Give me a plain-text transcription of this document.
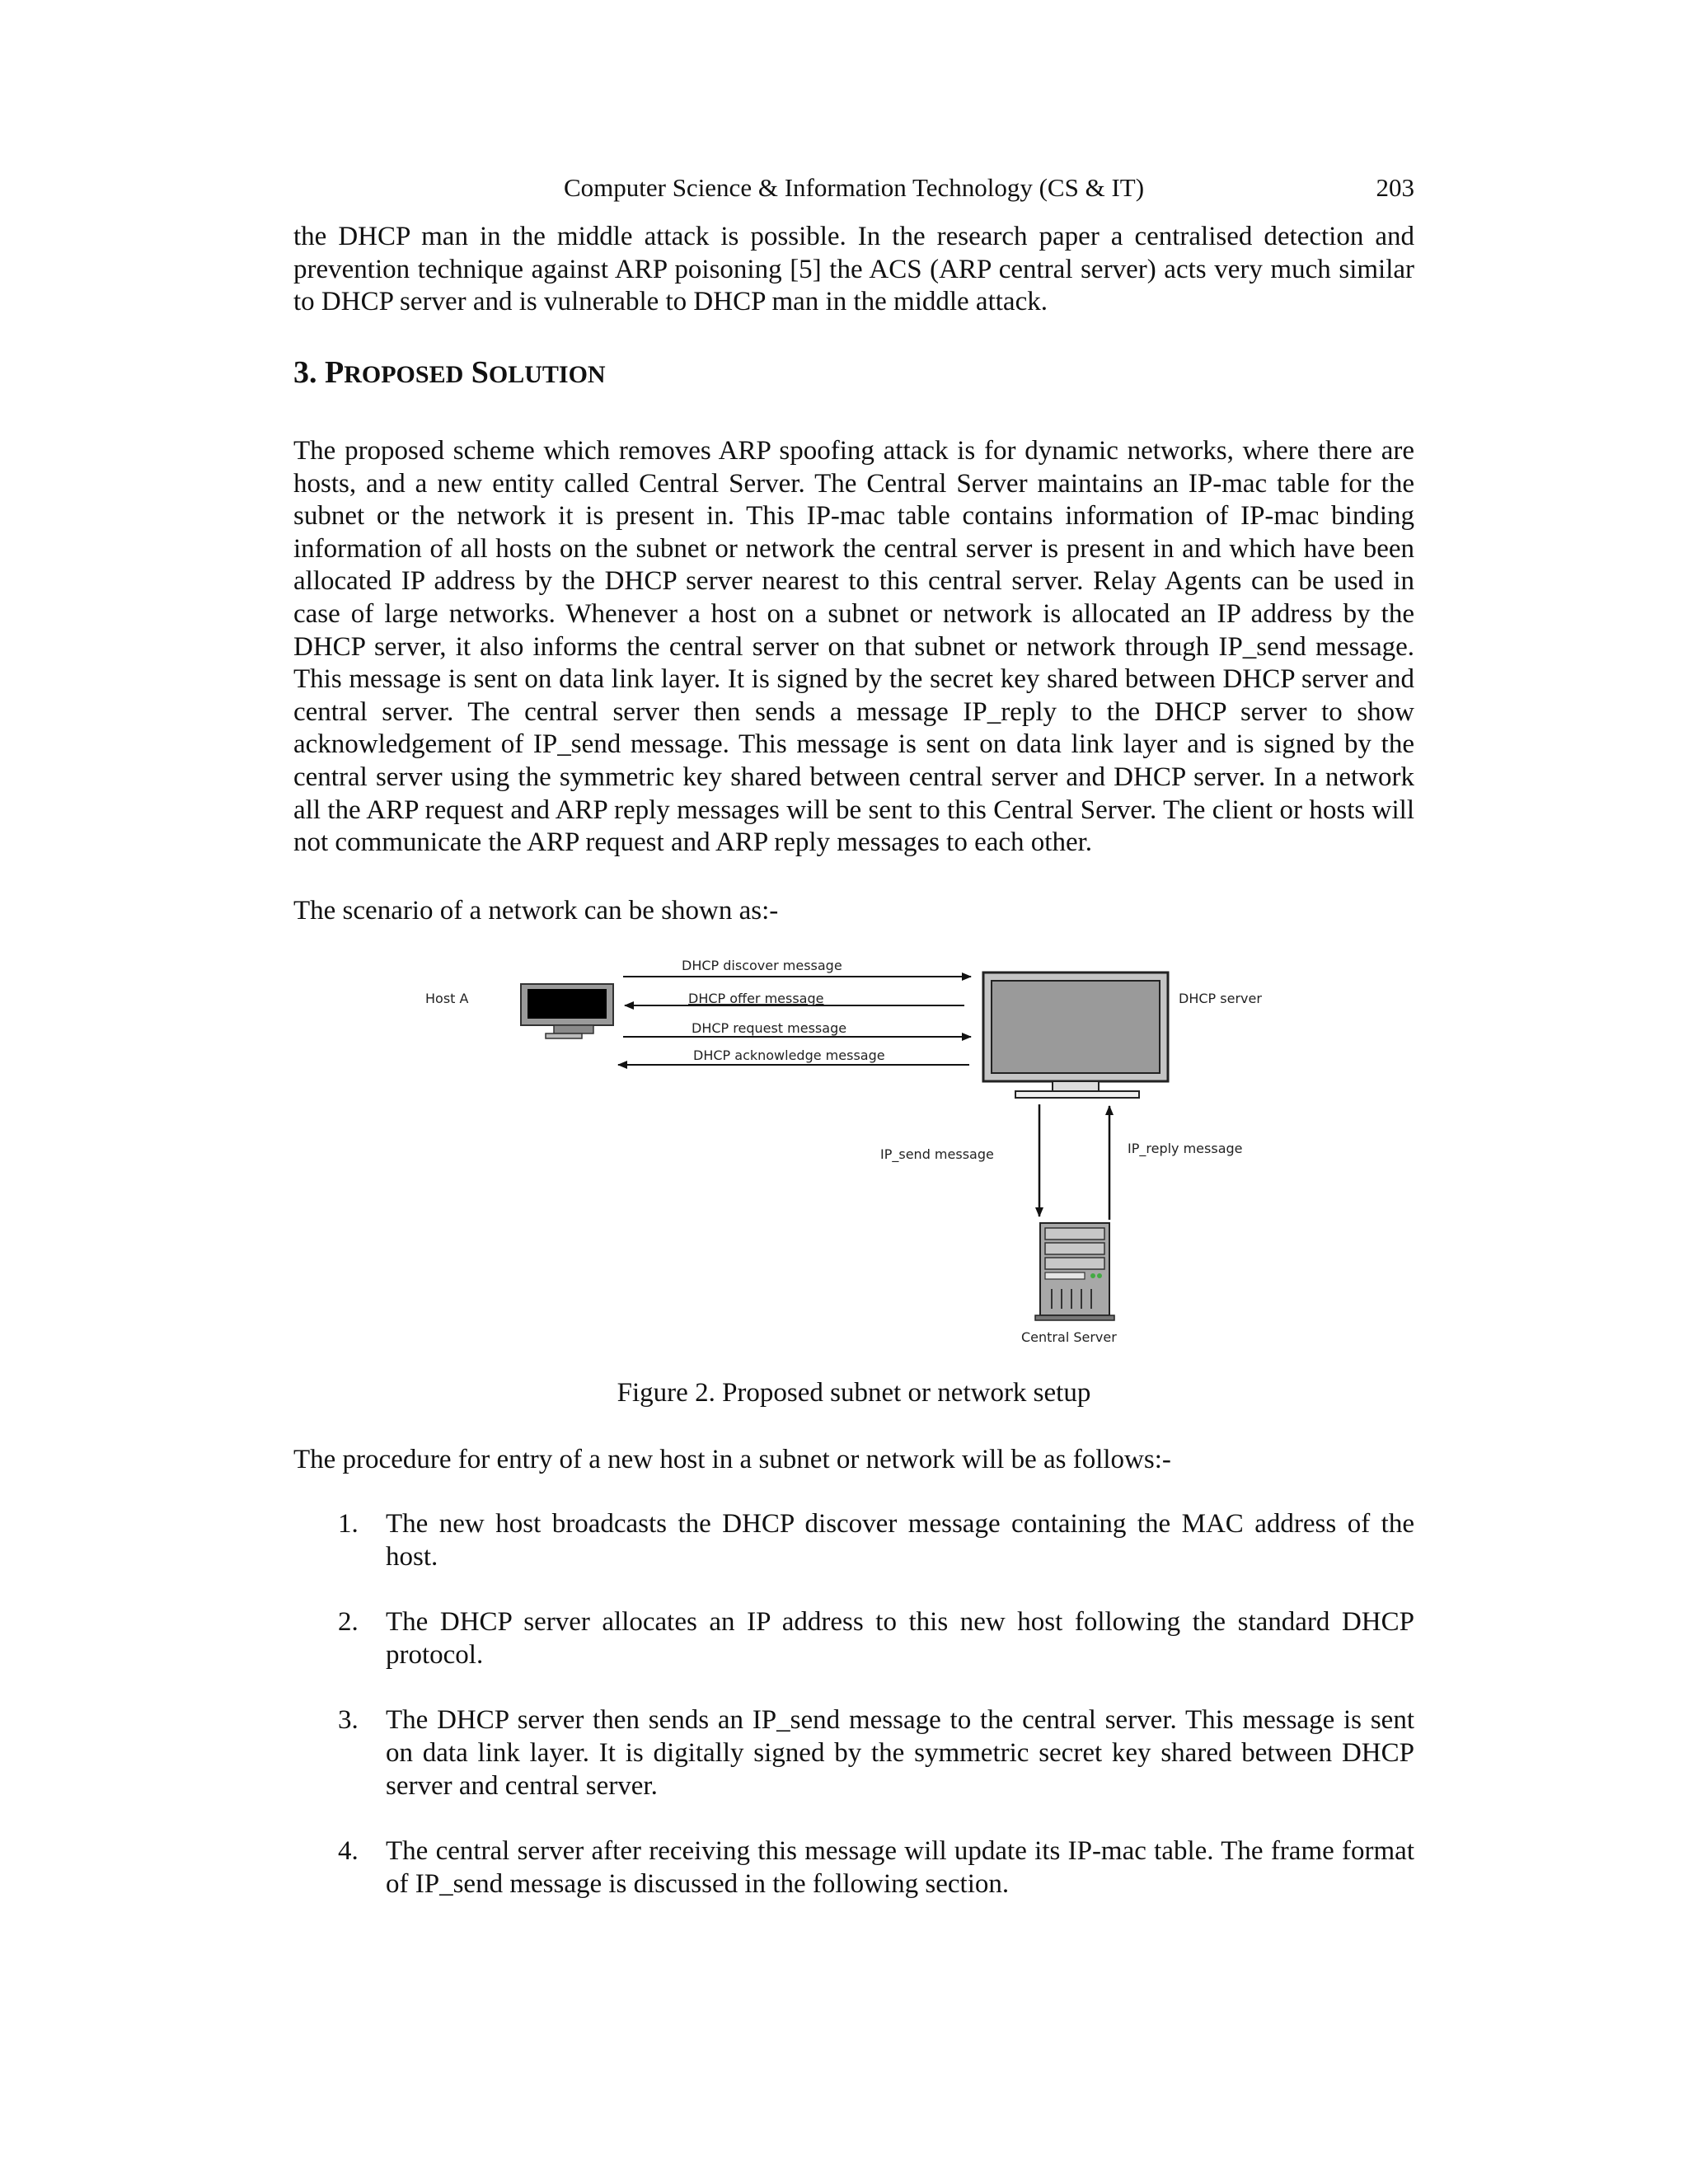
Computer Science & Information Technology (CS & IT)	203

the DHCP man in the middle attack is possible. In the research paper a centralised detection and prevention technique against ARP poisoning [5] the ACS (ARP central server) acts very much similar to DHCP server and is vulnerable to DHCP man in the middle attack.

3. PROPOSED SOLUTION

The proposed scheme which removes ARP spoofing attack is for dynamic networks, where there are hosts, and a new entity called Central Server. The Central Server maintains an IP-mac table for the subnet or the network it is present in. This IP-mac table contains information of IP-mac binding information of all hosts on the subnet or network the central server is present in and which have been allocated IP address by the DHCP server nearest to this central server. Relay Agents can be used in case of large networks. Whenever a host on a subnet or network is allocated an IP address by the DHCP server, it also informs the central server on that subnet or network through IP_send message. This message is sent on data link layer. It is signed by the secret key shared between DHCP server and central server. The central server then sends a message IP_reply to the DHCP server to show acknowledgement of IP_send message. This message is sent on data link layer and is signed by the central server using the symmetric key shared between central server and DHCP server. In a network all the ARP request and ARP reply messages will be sent to this Central Server. The client or hosts will not communicate the ARP request and ARP reply messages to each other.

The scenario of a network can be shown as:-

Host A	DHCP server
DHCP discover message
DHCP offer message
DHCP request message
DHCP acknowledge message
IP_send message	IP_reply message
Central Server
Figure 2. Proposed subnet or network setup

The procedure for entry of a new host in a subnet or network will be as follows:-

1. The new host broadcasts the DHCP discover message containing the MAC address of the host.
2. The DHCP server allocates an IP address to this new host following the standard DHCP protocol.
3. The DHCP server then sends an IP_send message to the central server. This message is sent on data link layer. It is digitally signed by the symmetric secret key shared between DHCP server and central server.
4. The central server after receiving this message will update its IP-mac table. The frame format of IP_send message is discussed in the following section.
